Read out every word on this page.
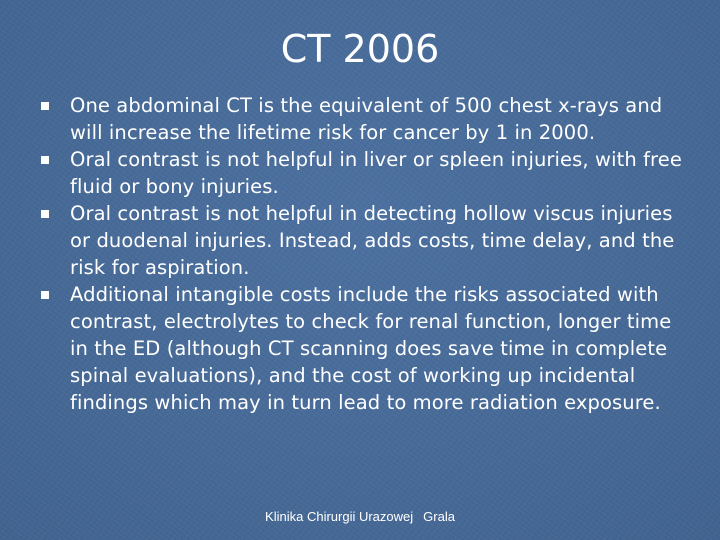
CT 2006
One abdominal CT is the equivalent of 500 chest x-rays and will increase the lifetime risk for cancer by 1 in 2000.
Oral contrast is not helpful in liver or spleen injuries, with free fluid or bony injuries.
Oral contrast is not helpful in detecting hollow viscus injuries or duodenal injuries. Instead, adds costs, time delay, and the risk for aspiration.
Additional intangible costs include the risks associated with contrast, electrolytes to check for renal function, longer time in the ED (although CT scanning does save time in complete spinal evaluations), and the cost of working up incidental findings which may in turn lead to more radiation exposure.
Klinika Chirurgii Urazowej Grala
